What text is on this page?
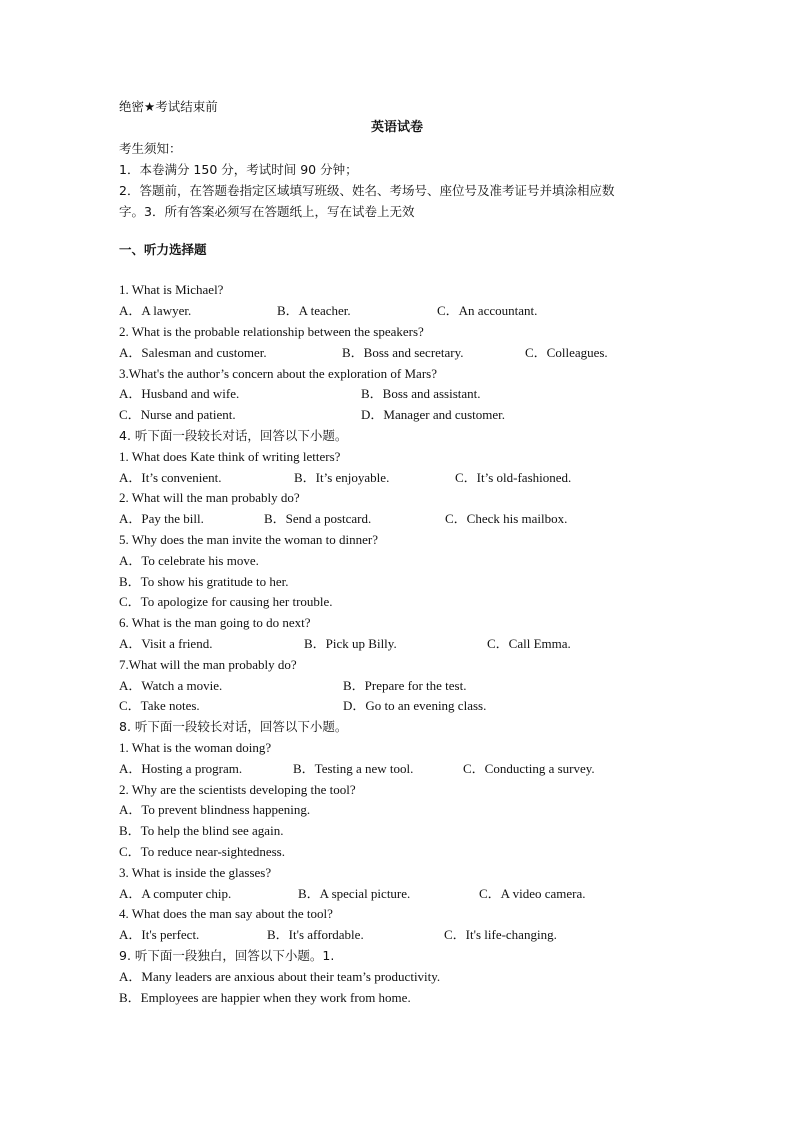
绝密★考试结束前
英语试卷
考生须知：
1．本卷满分 150 分，考试时间 90 分钟；
2．答题前，在答题卷指定区域填写班级、姓名、考场号、座位号及准考证号并填涂相应数
字。3．所有答案必须写在答题纸上，写在试卷上无效
一、听力选择题
1. What is Michael?
A．A lawyer.	B．A teacher.	C．An accountant.
2. What is the probable relationship between the speakers?
A．Salesman and customer.	B．Boss and secretary.	C．Colleagues.
3.What's the author’s concern about the exploration of Mars?
A．Husband and wife.	B．Boss and assistant.
C．Nurse and patient.	D．Manager and customer.
4. 听下面一段较长对话，回答以下小题。
1. What does Kate think of writing letters?
A．It’s convenient.	B．It’s enjoyable.	C．It’s old-fashioned.
2. What will the man probably do?
A．Pay the bill.	B．Send a postcard.	C．Check his mailbox.
5. Why does the man invite the woman to dinner?
A．To celebrate his move.
B．To show his gratitude to her.
C．To apologize for causing her trouble.
6. What is the man going to do next?
A．Visit a friend.	B．Pick up Billy.	C．Call Emma.
7.What will the man probably do?
A．Watch a movie.	B．Prepare for the test.
C．Take notes.	D．Go to an evening class.
8. 听下面一段较长对话，回答以下小题。
1. What is the woman doing?
A．Hosting a program.	B．Testing a new tool.	C．Conducting a survey.
2. Why are the scientists developing the tool?
A．To prevent blindness happening.
B．To help the blind see again.
C．To reduce near-sightedness.
3. What is inside the glasses?
A．A computer chip.	B．A special picture.	C．A video camera.
4. What does the man say about the tool?
A．It's perfect.	B．It's affordable.	C．It's life-changing.
9. 听下面一段独白，回答以下小题。1.
A．Many leaders are anxious about their team’s productivity.
B．Employees are happier when they work from home.
